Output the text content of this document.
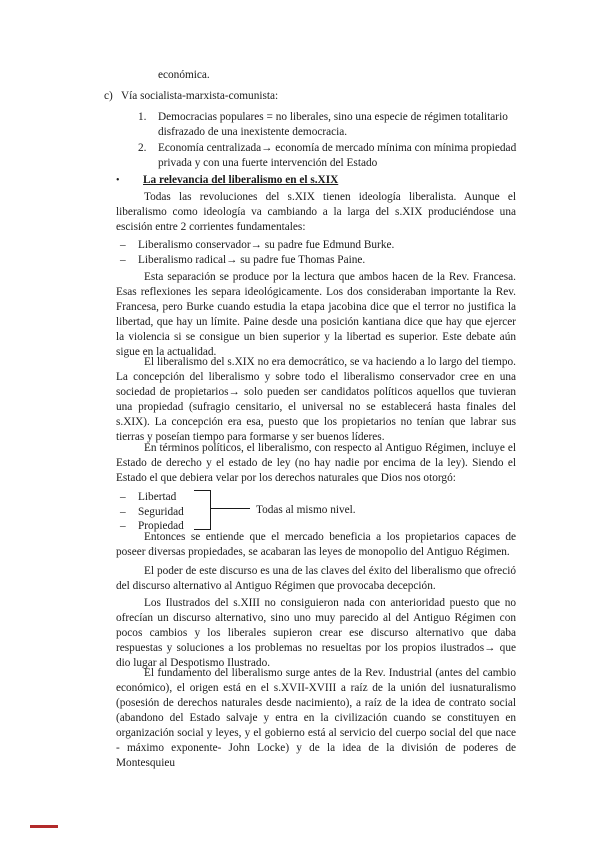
económica.

c) Vía socialista-marxista-comunista:

1. Democracias populares = no liberales, sino una especie de régimen totalitario disfrazado de una inexistente democracia.

2. Economía centralizada→ economía de mercado mínima con mínima propiedad privada y con una fuerte intervención del Estado

• La relevancia del liberalismo en el s.XIX

Todas las revoluciones del s.XIX tienen ideología liberalista. Aunque el liberalismo como ideología va cambiando a la larga del s.XIX produciéndose una escisión entre 2 corrientes fundamentales:

– Liberalismo conservador→ su padre fue Edmund Burke.

– Liberalismo radical→ su padre fue Thomas Paine.

Esta separación se produce por la lectura que ambos hacen de la Rev. Francesa. Esas reflexiones les separa ideológicamente. Los dos consideraban importante la Rev. Francesa, pero Burke cuando estudia la etapa jacobina dice que el terror no justifica la libertad, que hay un límite. Paine desde una posición kantiana dice que hay que ejercer la violencia si se consigue un bien superior y la libertad es superior. Este debate aún sigue en la actualidad.

El liberalismo del s.XIX no era democrático, se va haciendo a lo largo del tiempo. La concepción del liberalismo y sobre todo el liberalismo conservador cree en una sociedad de propietarios→ solo pueden ser candidatos políticos aquellos que tuvieran una propiedad (sufragio censitario, el universal no se establecerá hasta finales del s.XIX). La concepción era esa, puesto que los propietarios no tenían que labrar sus tierras y poseían tiempo para formarse y ser buenos líderes.

En términos políticos, el liberalismo, con respecto al Antiguo Régimen, incluye el Estado de derecho y el estado de ley (no hay nadie por encima de la ley). Siendo el Estado el que debiera velar por los derechos naturales que Dios nos otorgó:

– Libertad

– Seguridad

– Propiedad

Todas al mismo nivel.

Entonces se entiende que el mercado beneficia a los propietarios capaces de poseer diversas propiedades, se acabaran las leyes de monopolio del Antiguo Régimen.

El poder de este discurso es una de las claves del éxito del liberalismo que ofreció del discurso alternativo al Antiguo Régimen que provocaba decepción.

Los Ilustrados del s.XIII no consiguieron nada con anterioridad puesto que no ofrecían un discurso alternativo, sino uno muy parecido al del Antiguo Régimen con pocos cambios y los liberales supieron crear ese discurso alternativo que daba respuestas y soluciones a los problemas no resueltas por los propios ilustrados→ que dio lugar al Despotismo Ilustrado.

El fundamento del liberalismo surge antes de la Rev. Industrial (antes del cambio económico), el origen está en el s.XVII-XVIII a raíz de la unión del iusnaturalismo (posesión de derechos naturales desde nacimiento), a raíz de la idea de contrato social (abandono del Estado salvaje y entra en la civilización cuando se constituyen en organización social y leyes, y el gobierno está al servicio del cuerpo social del que nace - máximo exponente- John Locke) y de la idea de la división de poderes de Montesquieu
